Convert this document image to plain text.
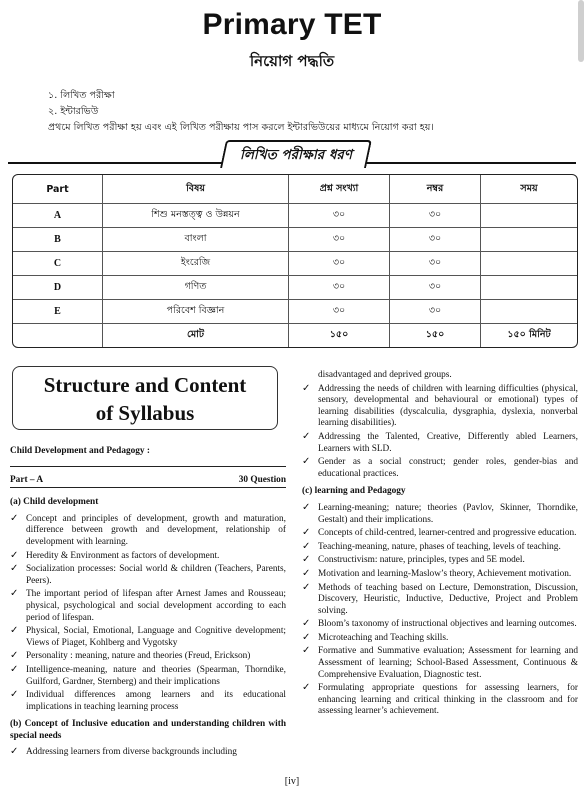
Primary TET
নিয়োগ পদ্ধতি
১. লিখিত পরীক্ষা
২. ইন্টারভিউ
প্রথমে লিখিত পরীক্ষা হয় এবং এই লিখিত পরীক্ষায় পাস করলে ইন্টারভিউয়ের মাধ্যমে নিয়োগ করা হয়।
লিখিত পরীক্ষার ধরণ
Part	বিষয়	প্রশ্ন সংখ্যা	নম্বর	সময়
A	শিশু মনস্তত্ত্ব ও উন্নয়ন	৩০	৩০	
B	বাংলা	৩০	৩০	
C	ইংরেজি	৩০	৩০	
D	গণিত	৩০	৩০	
E	পরিবেশ বিজ্ঞান	৩০	৩০	
	মোট	১৫০	১৫০	১৫০ মিনিট
Structure and Content
of Syllabus
Child Development and Pedagogy :
Part – A	30 Question
(a) Child development
✓ Concept and principles of development, growth and maturation, difference between growth and development, relationship of development with learning.
✓ Heredity & Environment as factors of development.
✓ Socialization processes: Social world & children (Teachers, Parents, Peers).
✓ The important period of lifespan after Arnest James and Rousseau; physical, psychological and social development according to each period of lifespan.
✓ Physical, Social, Emotional, Language and Cognitive development; Views of Piaget, Kohlberg and Vygotsky
✓ Personality : meaning, nature and theories (Freud, Erickson)
✓ Intelligence-meaning, nature and theories (Spearman, Thorndike, Guilford, Gardner, Sternberg) and their implications
✓ Individual differences among learners and its educational implications in teaching learning process
(b) Concept of Inclusive education and understanding children with special needs
✓ Addressing learners from diverse backgrounds including
disadvantaged and deprived groups.
✓ Addressing the needs of children with learning difficulties (physical, sensory, developmental and behavioural or emotional) types of learning disabilities (dyscalculia, dysgraphia, dyslexia, nonverbal learning disabilities).
✓ Addressing the Talented, Creative, Differently abled Learners, Learners with SLD.
✓ Gender as a social construct; gender roles, gender-bias and educational practices.
(c) learning and Pedagogy
✓ Learning-meaning; nature; theories (Pavlov, Skinner, Thorndike, Gestalt) and their implications.
✓ Concepts of child-centred, learner-centred and progressive education.
✓ Teaching-meaning, nature, phases of teaching, levels of teaching.
✓ Constructivism: nature, principles, types and 5E model.
✓ Motivation and learning-Maslow’s theory, Achievement motivation.
✓ Methods of teaching based on Lecture, Demonstration, Discussion, Discovery, Heuristic, Inductive, Deductive, Project and Problem solving.
✓ Bloom’s taxonomy of instructional objectives and learning outcomes.
✓ Microteaching and Teaching skills.
✓ Formative and Summative evaluation; Assessment for learning and Assessment of learning; School-Based Assessment, Continuous & Comprehensive Evaluation, Diagnostic test.
✓ Formulating appropriate questions for assessing learners, for enhancing learning and critical thinking in the classroom and for assessing learner’s achievement.
[iv]
